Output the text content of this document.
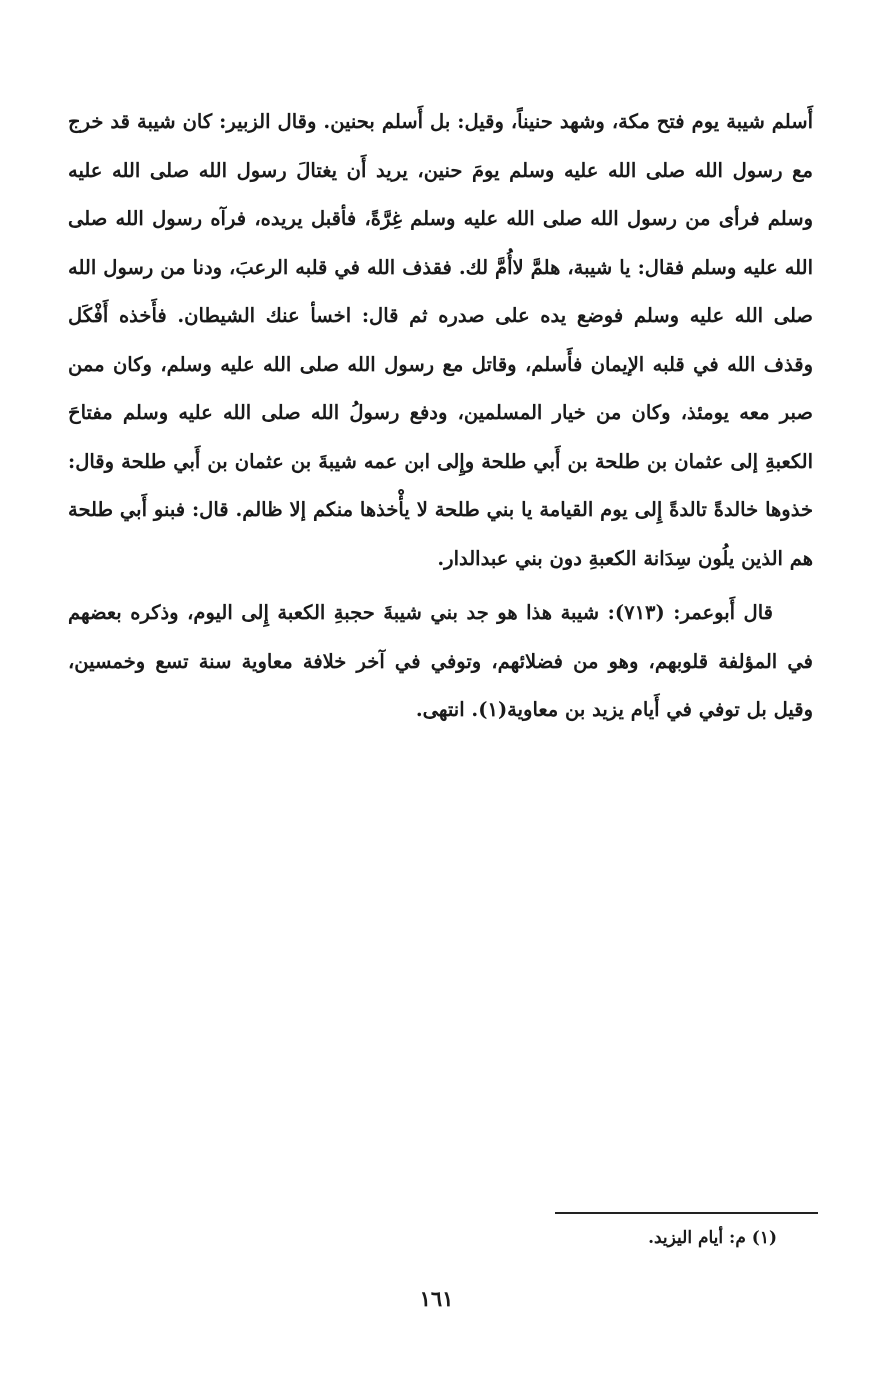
أَسلم شيبة يوم فتح مكة، وشهد حنيناً، وقيل: بل أَسلم بحنين. وقال الزبير: كان شيبة قد خرج مع رسول الله صلى الله عليه وسلم يومَ حنين، يريد أَن يغتالَ رسول الله صلى الله عليه وسلم فرأى من رسول الله صلى الله عليه وسلم غِرَّةً، فأقبل يريده، فرآه رسول الله صلى الله عليه وسلم فقال: يا شيبة، هلمَّ لاأُمَّ لك. فقذف الله في قلبه الرعبَ، ودنا من رسول الله صلى الله عليه وسلم فوضع يده على صدره ثم قال: اخسأ عنك الشيطان. فأَخذه أَفْكَل وقذف الله في قلبه الإيمان فأَسلم، وقاتل مع رسول الله صلى الله عليه وسلم، وكان ممن صبر معه يومئذ، وكان من خيار المسلمين، ودفع رسولُ الله صلى الله عليه وسلم مفتاحَ الكعبةِ إلى عثمان بن طلحة بن أَبي طلحة وإِلى ابن عمه شيبةَ بن عثمان بن أَبي طلحة وقال: خذوها خالدةً تالدةً إِلى يوم القيامة يا بني طلحة لا يأْخذها منكم إلا ظالم. قال: فبنو أَبي طلحة هم الذين يلُون سِدَانة الكعبةِ دون بني عبدالدار.

قال أَبوعمر: (٧١٣): شيبة هذا هو جد بني شيبةَ حجبةِ الكعبة إِلى اليوم، وذكره بعضهم في المؤلفة قلوبهم، وهو من فضلائهم، وتوفي في آخر خلافة معاوية سنة تسع وخمسين، وقيل بل توفي في أَيام يزيد بن معاوية(١). انتهى.

(١) م: أيام اليزيد.
١٦١
